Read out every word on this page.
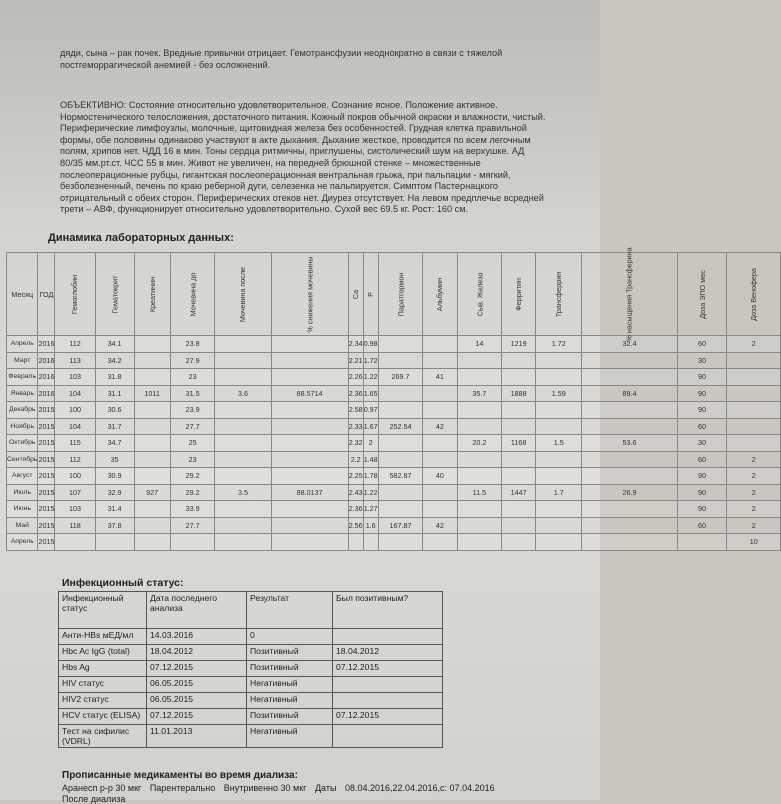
дяди, сына – рак почек. Вредные привычки отрицает. Гемотрансфузии неоднократно в связи с тяжелой
постгеморрагической анемией - без осложнений.
ОБЪЕКТИВНО: Состояние относительно удовлетворительное. Сознание ясное. Положение активное.
Нормостенического телосложения, достаточного питания. Кожный покров обычной окраски и влажности, чистый.
Периферические лимфоузлы, молочные, щитовидная железа без особенностей. Грудная клетка правильной
формы, обе половины одинаково участвуют в акте дыхания. Дыхание жесткое, проводится по всем легочным
полям, хрипов нет. ЧДД 16 в мин. Тоны сердца ритмичны, приглушены, систолический шум на верхушке. АД
80/35 мм.рт.ст. ЧСС 55 в мин. Живот не увеличен, на передней брюшной стенке – множественные
послеоперационные рубцы, гигантская послеоперационная вентральная грыжа, при пальпации - мягкий,
безболезненный, печень по краю реберной дуги, селезенка не пальпируется. Симптом Пастернацкого
отрицательный с обеих сторон. Периферических отеков нет. Диурез отсутствует. На левом предплечье всредней
трети – АВФ, функционирует относительно удовлетворительно. Сухой вес 69.5 кг. Рост: 160 см.
Динамика лабораторных данных:
Месяц	ГОД	Гемоглобин	Гематокрит	Креатинин	Мочевина до	Мочевина после	% снижения мочевины	Са	Р	Паратгормон	Альбумин	Сыв. Железо	Ферритин	Трансферрин	% насыщения Трансферина	Доза ЭПО мес	Доза Венофера
Апрель	2016	112	34.1		23.8			2.34	0.98			14	1219	1.72	32.4	60	2
Март	2016	113	34.2		27.9			2.21	1.72							30	
Февраль	2016	103	31.8		23			2.26	1.22	269.7	41					90	
Январь	2016	104	31.1	1011	31.5	3.6	88.5714	2.36	1.65			35.7	1888	1.59	89.4	90	
Декабрь	2015	100	30.6		23.9			2.58	0.97							90	
Ноябрь	2015	104	31.7		27.7			2.33	1.67	252.54	42					60	
Октябрь	2015	115	34.7		25			2.32	2			20.2	1168	1.5	53.6	30	
Сентябрь	2015	112	35		23			2.2	1.48							60	2
Август	2015	100	30.9		29.2			2.25	1.78	582.87	40					90	2
Июль	2015	107	32.9	927	29.2	3.5	88.0137	2.43	1.22			11.5	1447	1.7	26.9	90	2
Июнь	2015	103	31.4		33.9			2.36	1.27							90	2
Май	2015	118	37.8		27.7			2.56	1.6	167.87	42					60	2
Апрель	2015																10
Инфекционный статус:
Инфекционный статус	Дата последнего анализа	Результат	Был позитивным?
Анти-HBs мЕД/мл	14.03.2016	0	
Hbc Ac IgG (total)	18.04.2012	Позитивный	18.04.2012
Hbs Ag	07.12.2015	Позитивный	07.12.2015
HIV статус	06.05.2015	Негативный	
HIV2 статус	06.05.2015	Негативный	
HCV статус (ELISA)	07.12.2015	Позитивный	07.12.2015
Тест на сифилис (VDRL)	11.01.2013	Негативный	
Прописанные медикаменты во время диализа:
Аранесп р-р 30 мкг Парентерально Внутривенно 30 мкг Даты 08.04.2016,22.04.2016,с: 07.04.2016
После диализа
